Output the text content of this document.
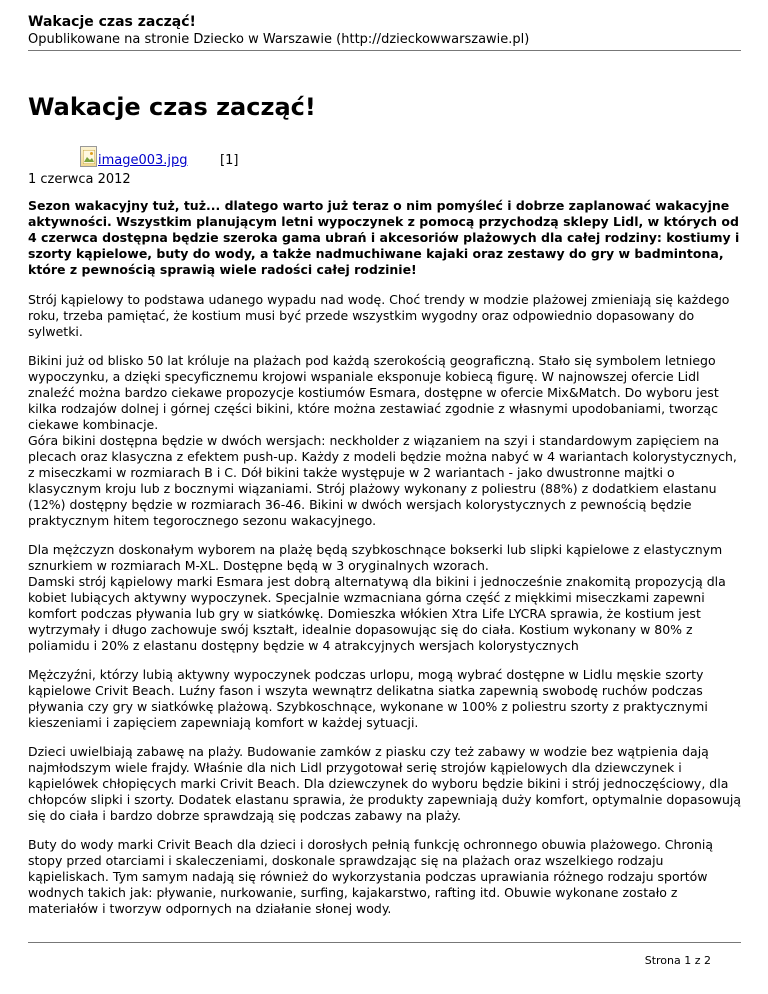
Wakacje czas zacząć!
Opublikowane na stronie Dziecko w Warszawie (http://dzieckowwarszawie.pl)
Wakacje czas zacząć!
image003.jpg [1]
1 czerwca 2012

Sezon wakacyjny tuż, tuż... dlatego warto już teraz o nim pomyśleć i dobrze zaplanować wakacyjne aktywności. Wszystkim planującym letni wypoczynek z pomocą przychodzą sklepy Lidl, w których od 4 czerwca dostępna będzie szeroka gama ubrań i akcesoriów plażowych dla całej rodziny: kostiumy i szorty kąpielowe, buty do wody, a także nadmuchiwane kajaki oraz zestawy do gry w badmintona, które z pewnością sprawią wiele radości całej rodzinie!

Strój kąpielowy to podstawa udanego wypadu nad wodę. Choć trendy w modzie plażowej zmieniają się każdego roku, trzeba pamiętać, że kostium musi być przede wszystkim wygodny oraz odpowiednio dopasowany do sylwetki.

Bikini już od blisko 50 lat króluje na plażach pod każdą szerokością geograficzną. Stało się symbolem letniego wypoczynku, a dzięki specyficznemu krojowi wspaniale eksponuje kobiecą figurę. W najnowszej ofercie Lidl znaleźć można bardzo ciekawe propozycje kostiumów Esmara, dostępne w ofercie Mix&Match. Do wyboru jest kilka rodzajów dolnej i górnej części bikini, które można zestawiać zgodnie z własnymi upodobaniami, tworząc ciekawe kombinacje.
Góra bikini dostępna będzie w dwóch wersjach: neckholder z wiązaniem na szyi i standardowym zapięciem na plecach oraz klasyczna z efektem push-up. Każdy z modeli będzie można nabyć w 4 wariantach kolorystycznych, z miseczkami w rozmiarach B i C. Dół bikini także występuje w 2 wariantach - jako dwustronne majtki o klasycznym kroju lub z bocznymi wiązaniami. Strój plażowy wykonany z poliestru (88%) z dodatkiem elastanu (12%) dostępny będzie w rozmiarach 36-46. Bikini w dwóch wersjach kolorystycznych z pewnością będzie praktycznym hitem tegorocznego sezonu wakacyjnego.

Dla mężczyzn doskonałym wyborem na plażę będą szybkoschnące bokserki lub slipki kąpielowe z elastycznym sznurkiem w rozmiarach M-XL. Dostępne będą w 3 oryginalnych wzorach.
Damski strój kąpielowy marki Esmara jest dobrą alternatywą dla bikini i jednocześnie znakomitą propozycją dla kobiet lubiących aktywny wypoczynek. Specjalnie wzmacniana górna część z miękkimi miseczkami zapewni komfort podczas pływania lub gry w siatkówkę. Domieszka włókien Xtra Life LYCRA sprawia, że kostium jest wytrzymały i długo zachowuje swój kształt, idealnie dopasowując się do ciała. Kostium wykonany w 80% z poliamidu i 20% z elastanu dostępny będzie w 4 atrakcyjnych wersjach kolorystycznych

Mężczyźni, którzy lubią aktywny wypoczynek podczas urlopu, mogą wybrać dostępne w Lidlu męskie szorty kąpielowe Crivit Beach. Luźny fason i wszyta wewnątrz delikatna siatka zapewnią swobodę ruchów podczas pływania czy gry w siatkówkę plażową. Szybkoschnące, wykonane w 100% z poliestru szorty z praktycznymi kieszeniami i zapięciem zapewniają komfort w każdej sytuacji.

Dzieci uwielbiają zabawę na plaży. Budowanie zamków z piasku czy też zabawy w wodzie bez wątpienia dają najmłodszym wiele frajdy. Właśnie dla nich Lidl przygotował serię strojów kąpielowych dla dziewczynek i kąpielówek chłopięcych marki Crivit Beach. Dla dziewczynek do wyboru będzie bikini i strój jednoczęściowy, dla chłopców slipki i szorty. Dodatek elastanu sprawia, że produkty zapewniają duży komfort, optymalnie dopasowują się do ciała i bardzo dobrze sprawdzają się podczas zabawy na plaży.

Buty do wody marki Crivit Beach dla dzieci i dorosłych pełnią funkcję ochronnego obuwia plażowego. Chronią stopy przed otarciami i skaleczeniami, doskonale sprawdzając się na plażach oraz wszelkiego rodzaju kąpieliskach. Tym samym nadają się również do wykorzystania podczas uprawiania różnego rodzaju sportów wodnych takich jak: pływanie, nurkowanie, surfing, kajakarstwo, rafting itd. Obuwie wykonane zostało z materiałów i tworzyw odpornych na działanie słonej wody.

Strona 1 z 2
